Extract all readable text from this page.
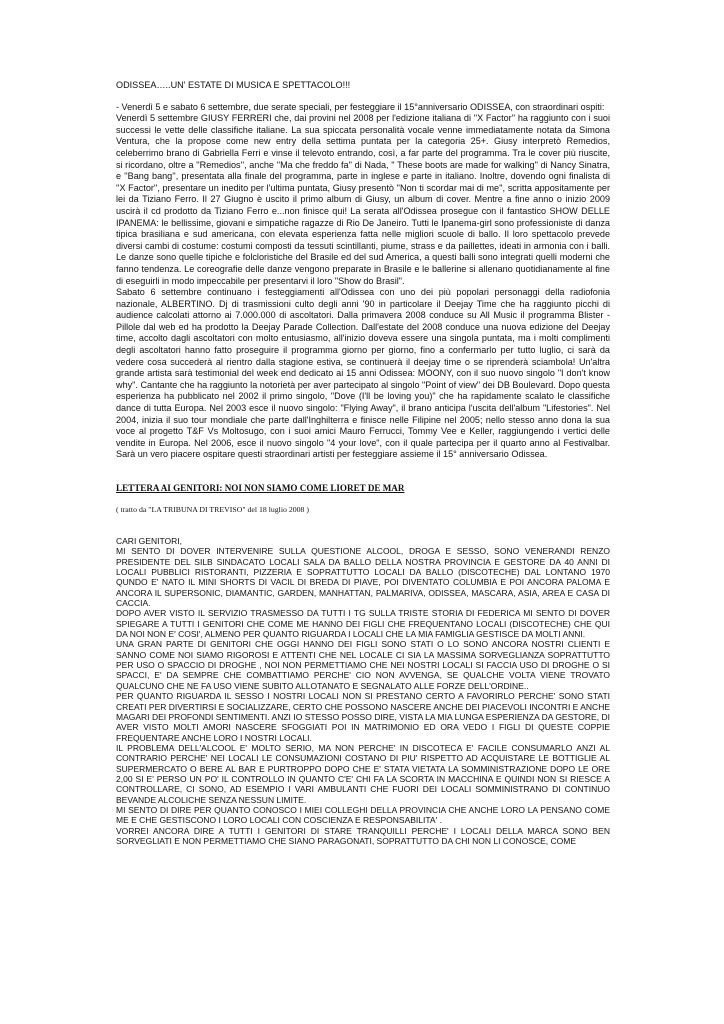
ODISSEA…..UN' ESTATE DI MUSICA E SPETTACOLO!!!

- Venerdì 5 e sabato 6 settembre, due serate speciali, per festeggiare il 15°anniversario ODISSEA, con straordinari ospiti:

Venerdì 5 settembre GIUSY FERRERI che, dai provini nel 2008 per l'edizione italiana di ''X Factor'' ha raggiunto con i suoi successi le vette delle classifiche italiane. La sua spiccata personalità vocale venne immediatamente notata da Simona Ventura, che la propose come new entry della settima puntata per la categoria 25+. Giusy interpretò Remedios, celeberrimo brano di Gabriella Ferri e vinse il televoto entrando, così, a far parte del programma. Tra le cover più riuscite, si ricordano, oltre a ''Remedios'', anche ''Ma che freddo fa'' di Nada, '' These boots are made for walking'' di Nancy Sinatra, e ''Bang bang'', presentata alla finale del programma, parte in inglese e parte in italiano. Inoltre, dovendo ogni finalista di ''X Factor'', presentare un inedito per l'ultima puntata, Giusy presentò ''Non ti scordar mai di me'', scritta appositamente per lei da Tiziano Ferro. Il 27 Giugno è uscito il primo album di Giusy, un album di cover. Mentre a fine anno o inizio 2009 uscirà il cd prodotto da Tiziano Ferro e...non finisce qui! La serata all'Odissea prosegue con il fantastico SHOW DELLE IPANEMA: le bellissime, giovani e simpatiche ragazze di Rio De Janeiro. Tutti le Ipanema-girl sono professioniste di danza tipica brasiliana e sud americana, con elevata esperienza fatta nelle migliori scuole di ballo. Il loro spettacolo prevede diversi cambi di costume: costumi composti da tessuti scintillanti, piume, strass e da paillettes, ideati in armonia con i balli. Le danze sono quelle tipiche e folcloristiche del Brasile ed del sud America, a questi balli sono integrati quelli moderni che fanno tendenza. Le coreografie delle danze vengono preparate in Brasile e le ballerine si allenano quotidianamente al fine di eseguirli in modo impeccabile per presentarvi il loro "Show do Brasil".

Sabato 6 settembre continuano i festeggiamenti all'Odissea con uno dei più popolari personaggi della radiofonia nazionale, ALBERTINO. Dj di trasmissioni culto degli anni '90 in particolare il Deejay Time che ha raggiunto picchi di audience calcolati attorno ai 7.000.000 di ascoltatori. Dalla primavera 2008 conduce su All Music il programma Blister - Pillole dal web ed ha prodotto la Deejay Parade Collection. Dall'estate del 2008 conduce una nuova edizione del Deejay time, accolto dagli ascoltatori con molto entusiasmo, all'inizio doveva essere una singola puntata, ma i molti complimenti degli ascoltatori hanno fatto proseguire il programma giorno per giorno, fino a confermarlo per tutto luglio, ci sarà da vedere cosa succederà al rientro dalla stagione estiva, se continuerà il deejay time o se riprenderà sciambola! Un'altra grande artista sarà testimonial del week end dedicato ai 15 anni Odissea: MOONY, con il suo nuovo singolo "I don't know why". Cantante che ha raggiunto la notorietà per aver partecipato al singolo "Point of view" dei DB Boulevard. Dopo questa esperienza ha pubblicato nel 2002 il primo singolo, "Dove (I'll be loving you)" che ha rapidamente scalato le classifiche dance di tutta Europa. Nel 2003 esce il nuovo singolo: "Flying Away", il brano anticipa l'uscita dell'album "Lifestories". Nel 2004, inizia il suo tour mondiale che parte dall'Inghilterra e finisce nelle Filipine nel 2005; nello stesso anno dona la sua voce al progetto T&F Vs Moltosugo, con i suoi amici Mauro Ferrucci, Tommy Vee e Keller, raggiungendo i vertici delle vendite in Europa. Nel 2006, esce il nuovo singolo "4 your love", con il quale partecipa per il quarto anno al Festivalbar. Sarà un vero piacere ospitare questi straordinari artisti per festeggiare assieme il 15° anniversario Odissea.

LETTERA AI GENITORI: NOI NON SIAMO COME LIORET DE MAR
( tratto da "LA TRIBUNA DI TREVISO" del 18 luglio 2008 )

CARI GENITORI,

MI SENTO DI DOVER INTERVENIRE SULLA QUESTIONE ALCOOL, DROGA E SESSO, SONO VENERANDI RENZO PRESIDENTE DEL SILB SINDACATO LOCALI SALA DA BALLO DELLA NOSTRA PROVINCIA E GESTORE DA 40 ANNI DI LOCALI PUBBLICI RISTORANTI, PIZZERIA E SOPRATTUTTO LOCALI DA BALLO (DISCOTECHE) DAL LONTANO 1970 QUNDO E' NATO IL MINI SHORTS DI VACIL DI BREDA DI PIAVE, POI DIVENTATO COLUMBIA E POI ANCORA PALOMA E ANCORA IL SUPERSONIC, DIAMANTIC, GARDEN, MANHATTAN, PALMARIVA, ODISSEA, MASCARA, ASIA, AREA E CASA DI CACCIA.

DOPO AVER VISTO IL SERVIZIO TRASMESSO DA TUTTI I TG SULLA TRISTE STORIA DI FEDERICA MI SENTO DI DOVER SPIEGARE A TUTTI I GENITORI CHE COME ME HANNO DEI FIGLI CHE FREQUENTANO LOCALI (DISCOTECHE) CHE QUI DA NOI NON E' COSI', ALMENO PER QUANTO RIGUARDA I LOCALI CHE LA MIA FAMIGLIA GESTISCE DA MOLTI ANNI.

UNA GRAN PARTE DI GENITORI CHE OGGI HANNO DEI FIGLI SONO STATI O LO SONO ANCORA NOSTRI CLIENTI E SANNO COME NOI SIAMO RIGOROSI E ATTENTI CHE NEL LOCALE CI SIA LA MASSIMA SORVEGLIANZA SOPRATTUTTO PER USO O SPACCIO DI DROGHE , NOI NON PERMETTIAMO CHE NEI NOSTRI LOCALI SI FACCIA USO DI DROGHE O SI SPACCI, E' DA SEMPRE CHE COMBATTIAMO PERCHE' CIO NON AVVENGA, SE QUALCHE VOLTA VIENE TROVATO QUALCUNO CHE NE FA USO VIENE SUBITO ALLOTANATO E SEGNALATO ALLE FORZE DELL'ORDINE..

PER QUANTO RIGUARDA IL SESSO I NOSTRI LOCALI NON SI PRESTANO CERTO A FAVORIRLO PERCHE' SONO STATI CREATI PER DIVERTIRSI E SOCIALIZZARE, CERTO CHE POSSONO NASCERE ANCHE DEI PIACEVOLI INCONTRI E ANCHE MAGARI DEI PROFONDI SENTIMENTI. ANZI IO STESSO POSSO DIRE, VISTA LA MIA LUNGA ESPERIENZA DA GESTORE, DI AVER VISTO MOLTI AMORI NASCERE SFOGGIATI POI IN MATRIMONIO ED ORA VEDO I FIGLI DI QUESTE COPPIE FREQUENTARE ANCHE LORO I NOSTRI LOCALI.

IL PROBLEMA DELL'ALCOOL E' MOLTO SERIO, MA NON PERCHE' IN DISCOTECA E' FACILE CONSUMARLO ANZI AL CONTRARIO PERCHE' NEI LOCALI LE CONSUMAZIONI COSTANO DI PIU' RISPETTO AD ACQUISTARE LE BOTTIGLIE AL SUPERMERCATO O BERE AL BAR E PURTROPPO DOPO CHE E' STATA VIETATA LA SOMMINISTRAZIONE DOPO LE ORE 2,00 SI E' PERSO UN PO' IL CONTROLLO IN QUANTO C'E' CHI FA LA SCORTA IN MACCHINA E QUINDI NON SI RIESCE A CONTROLLARE, CI SONO, AD ESEMPIO I VARI AMBULANTI CHE FUORI DEI LOCALI SOMMINISTRANO DI CONTINUO BEVANDE ALCOLICHE SENZA NESSUN LIMITE.

MI SENTO DI DIRE PER QUANTO CONOSCO I MIEI COLLEGHI DELLA PROVINCIA CHE ANCHE LORO LA PENSANO COME ME E CHE GESTISCONO I LORO LOCALI CON COSCIENZA E RESPONSABILITA' .

VORREI ANCORA DIRE A TUTTI I GENITORI DI STARE TRANQUILLI PERCHE' I LOCALI DELLA MARCA SONO BEN SORVEGLIATI E NON PERMETTIAMO CHE SIANO PARAGONATI, SOPRATTUTTO DA CHI NON LI CONOSCE, COME
